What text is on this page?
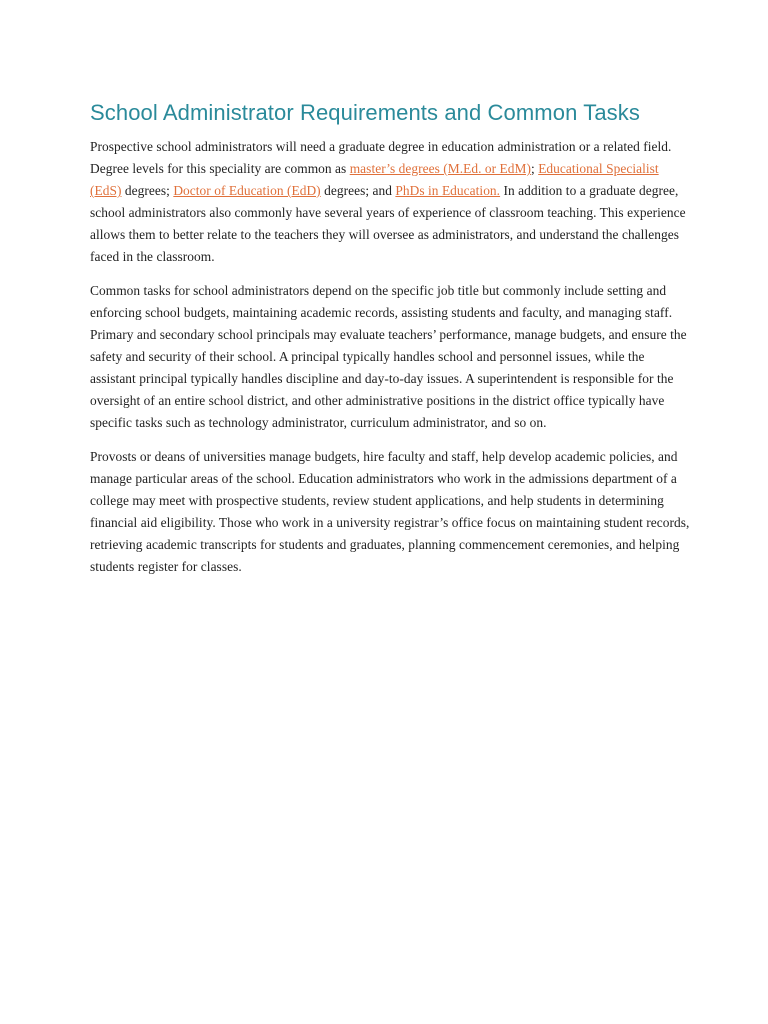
School Administrator Requirements and Common Tasks

Prospective school administrators will need a graduate degree in education administration or a related field. Degree levels for this speciality are common as master’s degrees (M.Ed. or EdM); Educational Specialist (EdS) degrees; Doctor of Education (EdD) degrees; and PhDs in Education. In addition to a graduate degree, school administrators also commonly have several years of experience of classroom teaching. This experience allows them to better relate to the teachers they will oversee as administrators, and understand the challenges faced in the classroom.

Common tasks for school administrators depend on the specific job title but commonly include setting and enforcing school budgets, maintaining academic records, assisting students and faculty, and managing staff. Primary and secondary school principals may evaluate teachers’ performance, manage budgets, and ensure the safety and security of their school. A principal typically handles school and personnel issues, while the assistant principal typically handles discipline and day-to-day issues. A superintendent is responsible for the oversight of an entire school district, and other administrative positions in the district office typically have specific tasks such as technology administrator, curriculum administrator, and so on.

Provosts or deans of universities manage budgets, hire faculty and staff, help develop academic policies, and manage particular areas of the school. Education administrators who work in the admissions department of a college may meet with prospective students, review student applications, and help students in determining financial aid eligibility. Those who work in a university registrar’s office focus on maintaining student records, retrieving academic transcripts for students and graduates, planning commencement ceremonies, and helping students register for classes.
